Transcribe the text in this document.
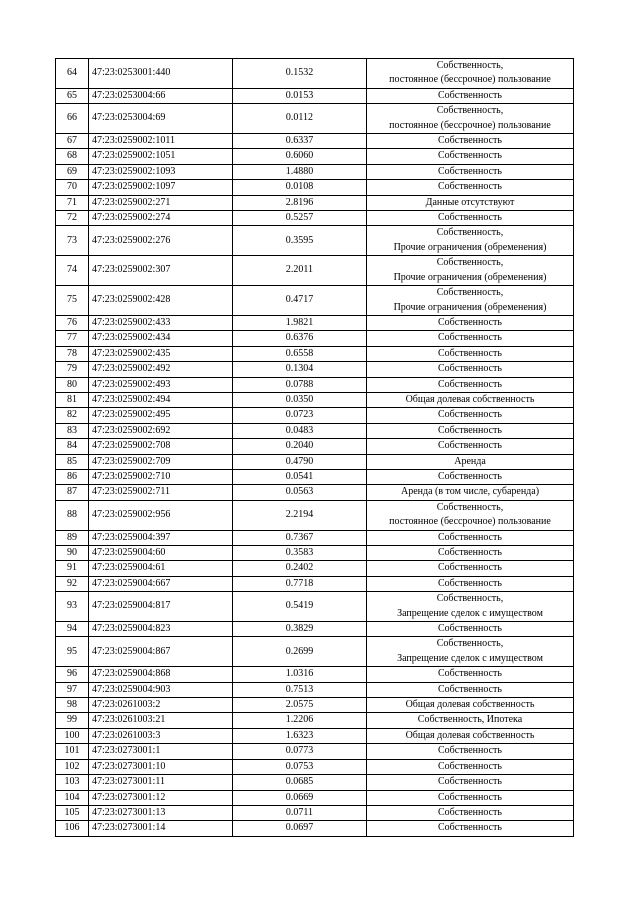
64	47:23:0253001:440	0.1532	Собственность,
постоянное (бессрочное) пользование

65	47:23:0253004:66	0.0153	Собственность

66	47:23:0253004:69	0.0112	Собственность,
постоянное (бессрочное) пользование

67	47:23:0259002:1011	0.6337	Собственность

68	47:23:0259002:1051	0.6060	Собственность

69	47:23:0259002:1093	1.4880	Собственность

70	47:23:0259002:1097	0.0108	Собственность

71	47:23:0259002:271	2.8196	Данные отсутствуют

72	47:23:0259002:274	0.5257	Собственность

73	47:23:0259002:276	0.3595	Собственность,
Прочие ограничения (обременения)

74	47:23:0259002:307	2.2011	Собственность,
Прочие ограничения (обременения)

75	47:23:0259002:428	0.4717	Собственность,
Прочие ограничения (обременения)

76	47:23:0259002:433	1.9821	Собственность

77	47:23:0259002:434	0.6376	Собственность

78	47:23:0259002:435	0.6558	Собственность

79	47:23:0259002:492	0.1304	Собственность

80	47:23:0259002:493	0.0788	Собственность

81	47:23:0259002:494	0.0350	Общая долевая собственность

82	47:23:0259002:495	0.0723	Собственность

83	47:23:0259002:692	0.0483	Собственность

84	47:23:0259002:708	0.2040	Собственность

85	47:23:0259002:709	0.4790	Аренда

86	47:23:0259002:710	0.0541	Собственность

87	47:23:0259002:711	0.0563	Аренда (в том числе, субаренда)

88	47:23:0259002:956	2.2194	Собственность,
постоянное (бессрочное) пользование

89	47:23:0259004:397	0.7367	Собственность

90	47:23:0259004:60	0.3583	Собственность

91	47:23:0259004:61	0.2402	Собственность

92	47:23:0259004:667	0.7718	Собственность

93	47:23:0259004:817	0.5419	Собственность,
Запрещение сделок с имуществом

94	47:23:0259004:823	0.3829	Собственность

95	47:23:0259004:867	0.2699	Собственность,
Запрещение сделок с имуществом

96	47:23:0259004:868	1.0316	Собственность

97	47:23:0259004:903	0.7513	Собственность

98	47:23:0261003:2	2.0575	Общая долевая собственность

99	47:23:0261003:21	1.2206	Собственность, Ипотека

100	47:23:0261003:3	1.6323	Общая долевая собственность

101	47:23:0273001:1	0.0773	Собственность

102	47:23:0273001:10	0.0753	Собственность

103	47:23:0273001:11	0.0685	Собственность

104	47:23:0273001:12	0.0669	Собственность

105	47:23:0273001:13	0.0711	Собственность

106	47:23:0273001:14	0.0697	Собственность
